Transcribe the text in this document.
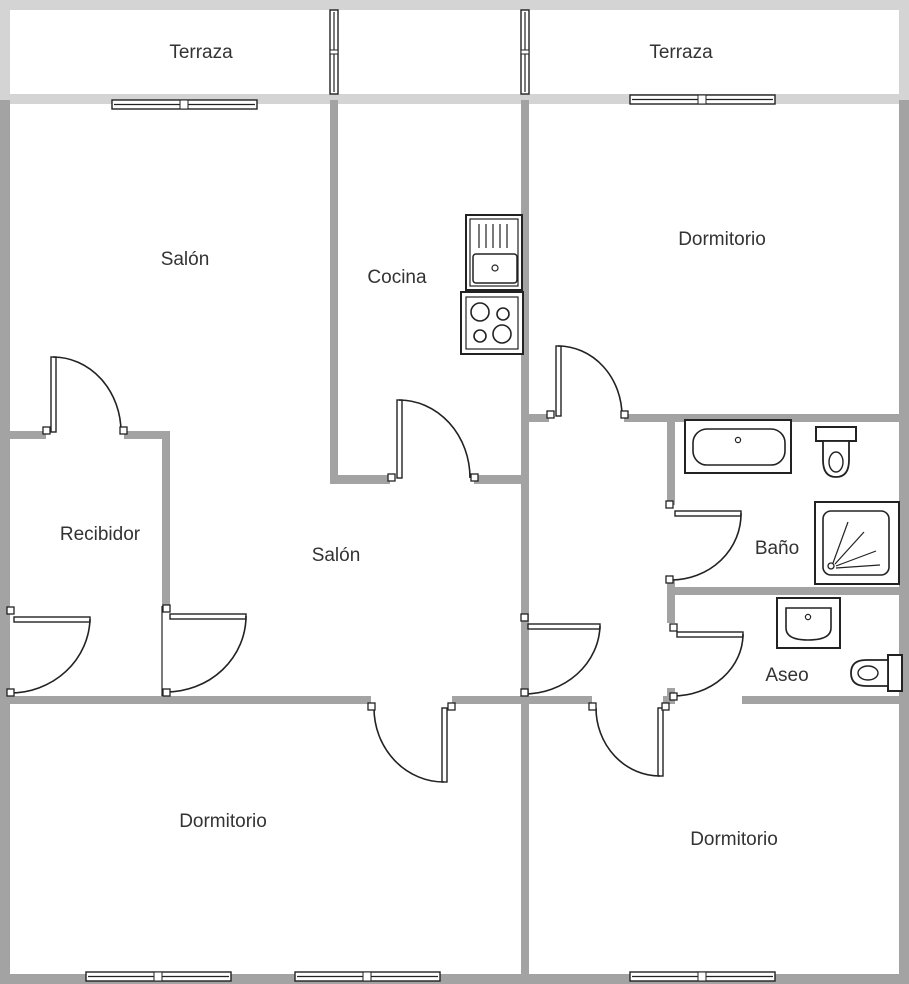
Terraza	Terraza
Salón
Cocina
Dormitorio
Recibidor
Salón	Baño
Aseo
Dormitorio
Dormitorio
